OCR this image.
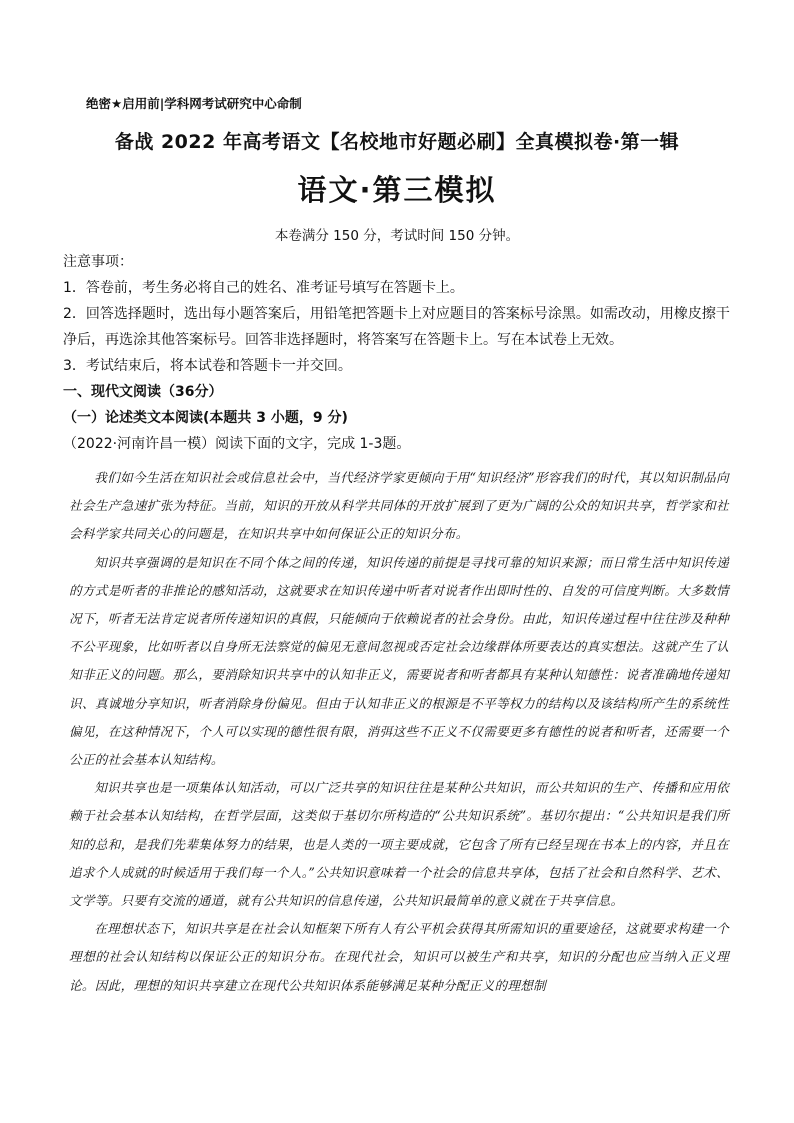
绝密★启用前|学科网考试研究中心命制
备战 2022 年高考语文【名校地市好题必刷】全真模拟卷·第一辑
语文·第三模拟
本卷满分 150 分，考试时间 150 分钟。
注意事项：
1．答卷前，考生务必将自己的姓名、准考证号填写在答题卡上。
2．回答选择题时，选出每小题答案后，用铅笔把答题卡上对应题目的答案标号涂黑。如需改动，用橡皮擦干净后，再选涂其他答案标号。回答非选择题时，将答案写在答题卡上。写在本试卷上无效。
3．考试结束后，将本试卷和答题卡一并交回。
一、现代文阅读（36分）
（一）论述类文本阅读(本题共 3 小题，9 分)
（2022·河南许昌一模）阅读下面的文字，完成 1-3题。

我们如今生活在知识社会或信息社会中，当代经济学家更倾向于用“知识经济”形容我们的时代，其以知识制品向社会生产急速扩张为特征。当前，知识的开放从科学共同体的开放扩展到了更为广阔的公众的知识共享，哲学家和社会科学家共同关心的问题是，在知识共享中如何保证公正的知识分布。

知识共享强调的是知识在不同个体之间的传递，知识传递的前提是寻找可靠的知识来源；而日常生活中知识传递的方式是听者的非推论的感知活动，这就要求在知识传递中听者对说者作出即时性的、自发的可信度判断。大多数情况下，听者无法肯定说者所传递知识的真假，只能倾向于依赖说者的社会身份。由此，知识传递过程中往往涉及种种不公平现象，比如听者以自身所无法察觉的偏见无意间忽视或否定社会边缘群体所要表达的真实想法。这就产生了认知非正义的问题。那么，要消除知识共享中的认知非正义，需要说者和听者都具有某种认知德性：说者准确地传递知识、真诚地分享知识，听者消除身份偏见。但由于认知非正义的根源是不平等权力的结构以及该结构所产生的系统性偏见，在这种情况下，个人可以实现的德性很有限，消弭这些不正义不仅需要更多有德性的说者和听者，还需要一个公正的社会基本认知结构。

知识共享也是一项集体认知活动，可以广泛共享的知识往往是某种公共知识，而公共知识的生产、传播和应用依赖于社会基本认知结构，在哲学层面，这类似于基切尔所构造的“公共知识系统”。基切尔提出：“公共知识是我们所知的总和，是我们先辈集体努力的结果，也是人类的一项主要成就，它包含了所有已经呈现在书本上的内容，并且在追求个人成就的时候适用于我们每一个人。”公共知识意味着一个社会的信息共享体，包括了社会和自然科学、艺术、文学等。只要有交流的通道，就有公共知识的信息传递，公共知识最简单的意义就在于共享信息。

在理想状态下，知识共享是在社会认知框架下所有人有公平机会获得其所需知识的重要途径，这就要求构建一个理想的社会认知结构以保证公正的知识分布。在现代社会，知识可以被生产和共享，知识的分配也应当纳入正义理论。因此，理想的知识共享建立在现代公共知识体系能够满足某种分配正义的理想制
